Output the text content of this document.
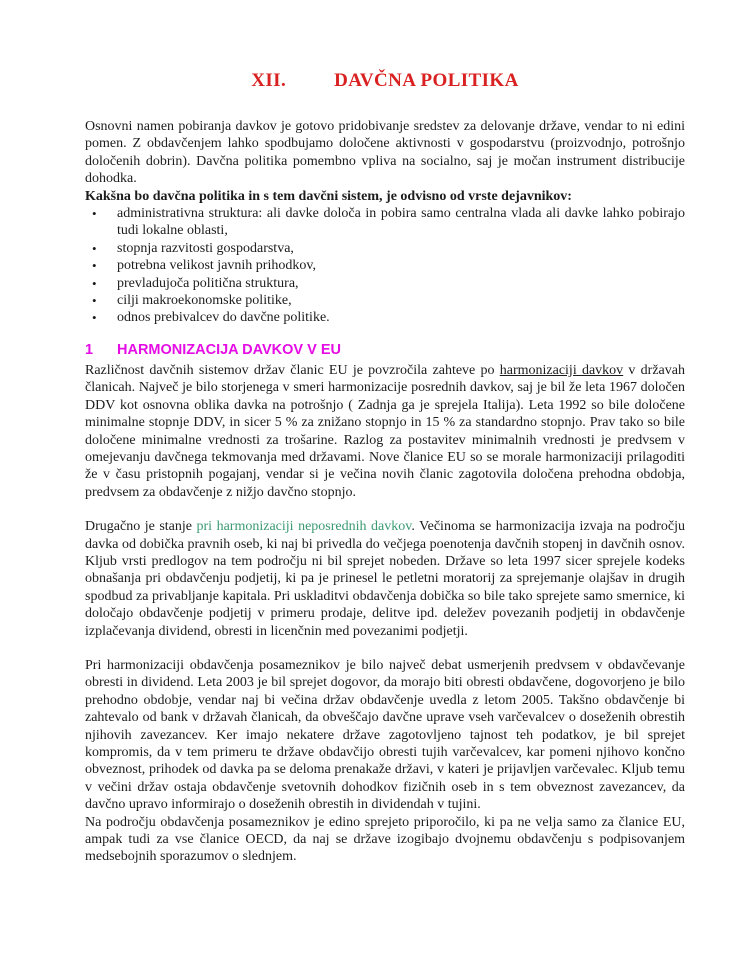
XII.	DAVČNA POLITIKA

Osnovni namen pobiranja davkov je gotovo pridobivanje sredstev za delovanje države, vendar to ni edini pomen. Z obdavčenjem lahko spodbujamo določene aktivnosti v gospodarstvu (proizvodnjo, potrošnjo določenih dobrin). Davčna politika pomembno vpliva na socialno, saj je močan instrument distribucije dohodka.

Kakšna bo davčna politika in s tem davčni sistem, je odvisno od vrste dejavnikov:

•	administrativna struktura: ali davke določa in pobira samo centralna vlada ali davke lahko pobirajo tudi lokalne oblasti,
•	stopnja razvitosti gospodarstva,
•	potrebna velikost javnih prihodkov,
•	prevladujoča politična struktura,
•	cilji makroekonomske politike,
•	odnos prebivalcev do davčne politike.
1 HARMONIZACIJA DAVKOV V EU

Različnost davčnih sistemov držav članic EU je povzročila zahteve po harmonizaciji davkov v državah članicah. Največ je bilo storjenega v smeri harmonizacije posrednih davkov, saj je bil že leta 1967 določen DDV kot osnovna oblika davka na potrošnjo ( Zadnja ga je sprejela Italija). Leta 1992 so bile določene minimalne stopnje DDV, in sicer 5 % za znižano stopnjo in 15 % za standardno stopnjo. Prav tako so bile določene minimalne vrednosti za trošarine. Razlog za postavitev minimalnih vrednosti je predvsem v omejevanju davčnega tekmovanja med državami. Nove članice EU so se morale harmonizaciji prilagoditi že v času pristopnih pogajanj, vendar si je večina novih članic zagotovila določena prehodna obdobja, predvsem za obdavčenje z nižjo davčno stopnjo.

Drugačno je stanje pri harmonizaciji neposrednih davkov. Večinoma se harmonizacija izvaja na področju davka od dobička pravnih oseb, ki naj bi privedla do večjega poenotenja davčnih stopenj in davčnih osnov. Kljub vrsti predlogov na tem področju ni bil sprejet nobeden. Države so leta 1997 sicer sprejele kodeks obnašanja pri obdavčenju podjetij, ki pa je prinesel le petletni moratorij za sprejemanje olajšav in drugih spodbud za privabljanje kapitala. Pri uskladitvi obdavčenja dobička so bile tako sprejete samo smernice, ki določajo obdavčenje podjetij v primeru prodaje, delitve ipd. deležev povezanih podjetij in obdavčenje izplačevanja dividend, obresti in licenčnin med povezanimi podjetji.

Pri harmonizaciji obdavčenja posameznikov je bilo največ debat usmerjenih predvsem v obdavčevanje obresti in dividend. Leta 2003 je bil sprejet dogovor, da morajo biti obresti obdavčene, dogovorjeno je bilo prehodno obdobje, vendar naj bi večina držav obdavčenje uvedla z letom 2005. Takšno obdavčenje bi zahtevalo od bank v državah članicah, da obveščajo davčne uprave vseh varčevalcev o doseženih obrestih njihovih zavezancev. Ker imajo nekatere države zagotovljeno tajnost teh podatkov, je bil sprejet kompromis, da v tem primeru te države obdavčijo obresti tujih varčevalcev, kar pomeni njihovo končno obveznost, prihodek od davka pa se deloma prenakaže državi, v kateri je prijavljen varčevalec. Kljub temu v večini držav ostaja obdavčenje svetovnih dohodkov fizičnih oseb in s tem obveznost zavezancev, da davčno upravo informirajo o doseženih obrestih in dividendah v tujini.

Na področju obdavčenja posameznikov je edino sprejeto priporočilo, ki pa ne velja samo za članice EU, ampak tudi za vse članice OECD, da naj se države izogibajo dvojnemu obdavčenju s podpisovanjem medsebojnih sporazumov o slednjem.
